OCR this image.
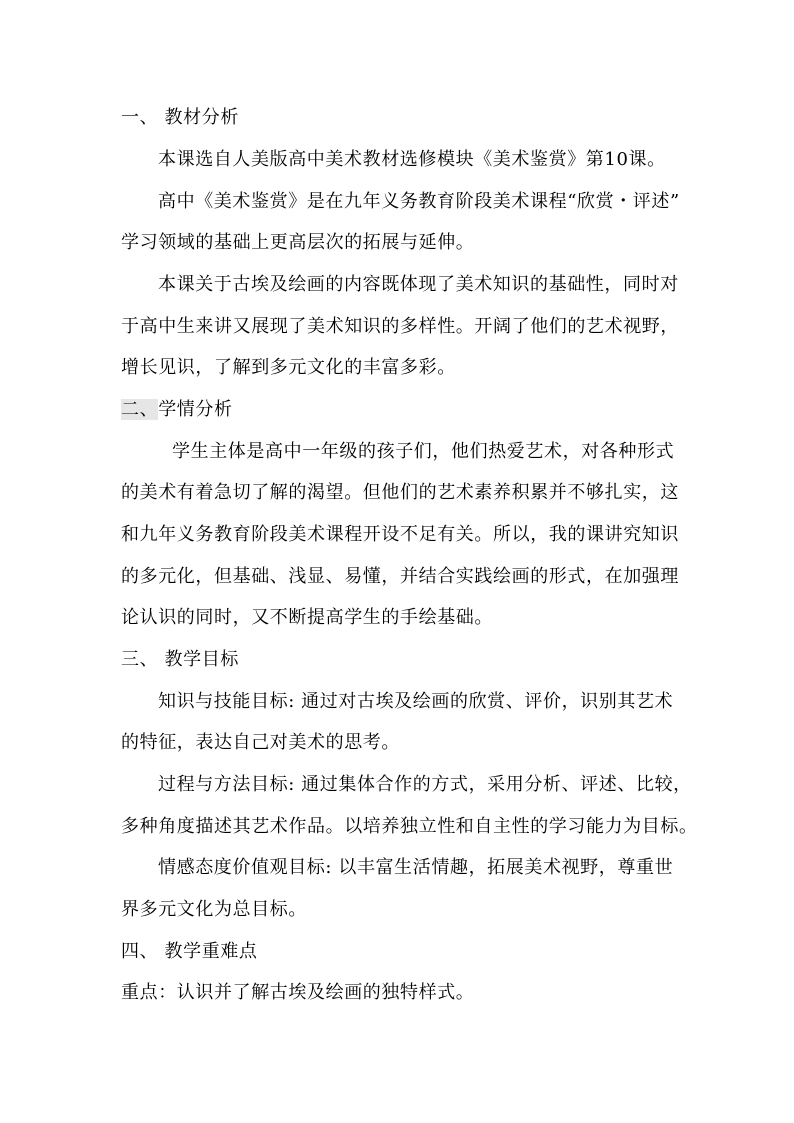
一、 教材分析
本课选自人美版高中美术教材选修模块《美术鉴赏》第10课。
高中《美术鉴赏》是在九年义务教育阶段美术课程“欣赏・评述”
学习领域的基础上更高层次的拓展与延伸。
本课关于古埃及绘画的内容既体现了美术知识的基础性，同时对
于高中生来讲又展现了美术知识的多样性。开阔了他们的艺术视野，
增长见识，了解到多元文化的丰富多彩。
二、学情分析
学生主体是高中一年级的孩子们，他们热爱艺术，对各种形式
的美术有着急切了解的渴望。但他们的艺术素养积累并不够扎实，这
和九年义务教育阶段美术课程开设不足有关。所以，我的课讲究知识
的多元化，但基础、浅显、易懂，并结合实践绘画的形式，在加强理
论认识的同时，又不断提高学生的手绘基础。
三、 教学目标
知识与技能目标: 通过对古埃及绘画的欣赏、评价，识别其艺术
的特征，表达自己对美术的思考。
过程与方法目标: 通过集体合作的方式，采用分析、评述、比较，
多种角度描述其艺术作品。以培养独立性和自主性的学习能力为目标。
情感态度价值观目标: 以丰富生活情趣，拓展美术视野，尊重世
界多元文化为总目标。
四、 教学重难点
重点：认识并了解古埃及绘画的独特样式。
